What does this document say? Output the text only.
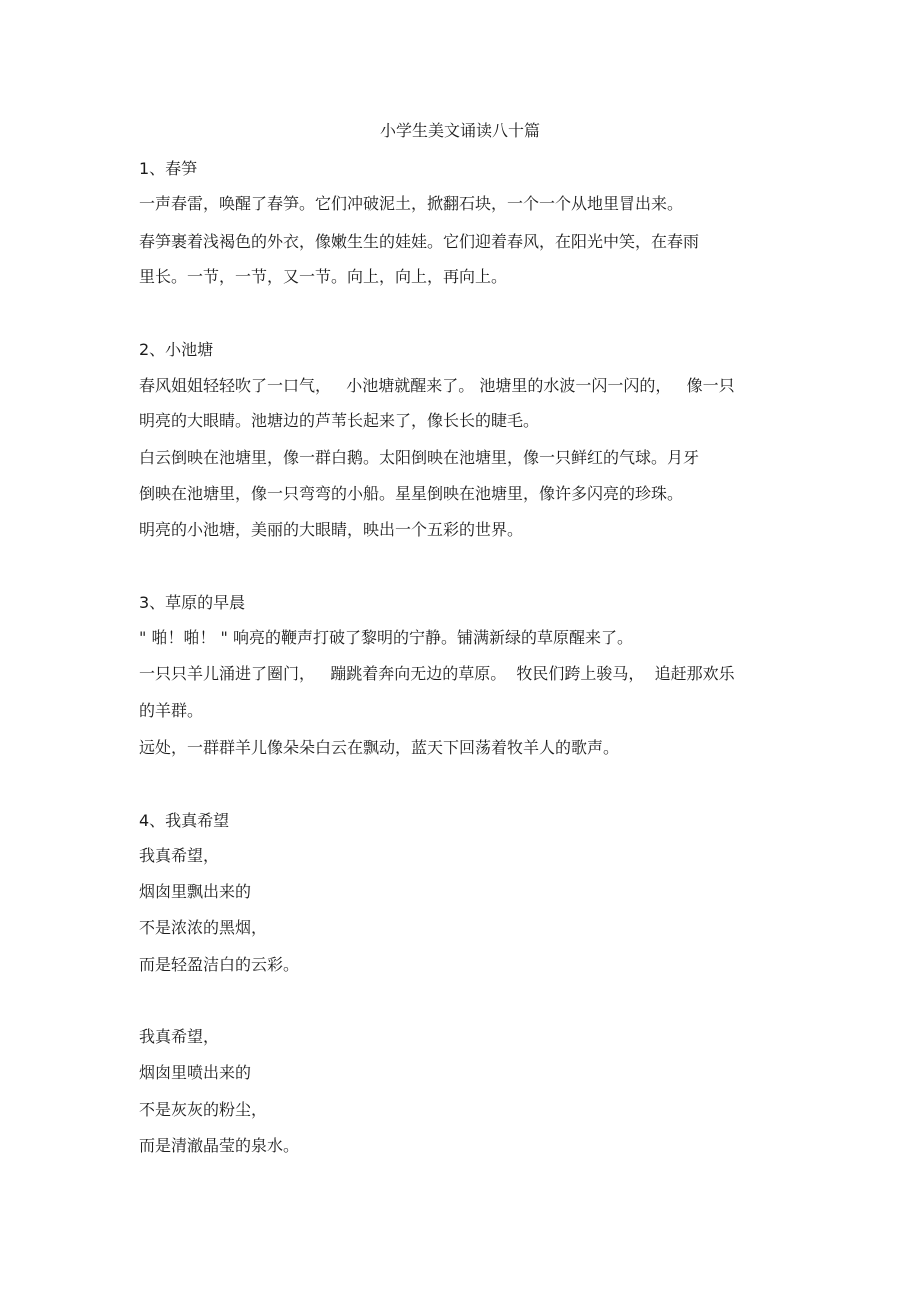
小学生美文诵读八十篇
1、春笋
一声春雷，唤醒了春笋。它们冲破泥土，掀翻石块，一个一个从地里冒出来。
春笋裹着浅褐色的外衣，像嫩生生的娃娃。它们迎着春风，在阳光中笑，在春雨
里长。一节，一节，又一节。向上，向上，再向上。
2、小池塘
春风姐姐轻轻吹了一口气，   小池塘就醒来了。 池塘里的水波一闪一闪的，   像一只
明亮的大眼睛。池塘边的芦苇长起来了，像长长的睫毛。
白云倒映在池塘里，像一群白鹅。太阳倒映在池塘里，像一只鲜红的气球。月牙
倒映在池塘里，像一只弯弯的小船。星星倒映在池塘里，像许多闪亮的珍珠。
明亮的小池塘，美丽的大眼睛，映出一个五彩的世界。
3、草原的早晨
" 啪！啪！ " 响亮的鞭声打破了黎明的宁静。铺满新绿的草原醒来了。
一只只羊儿涌进了圈门，   蹦跳着奔向无边的草原。  牧民们跨上骏马，  追赶那欢乐
的羊群。
远处，一群群羊儿像朵朵白云在飘动，蓝天下回荡着牧羊人的歌声。
4、我真希望
我真希望，
烟囱里飘出来的
不是浓浓的黑烟，
而是轻盈洁白的云彩。
我真希望，
烟囱里喷出来的
不是灰灰的粉尘，
而是清澈晶莹的泉水。
